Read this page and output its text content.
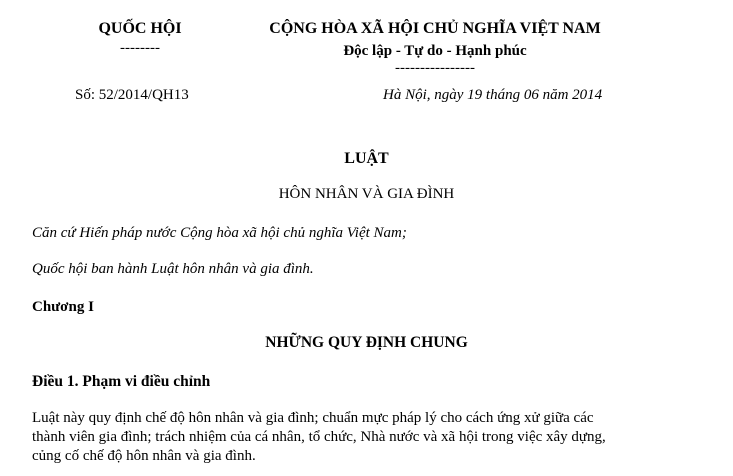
QUỐC HỘI
--------
CỘNG HÒA XÃ HỘI CHỦ NGHĨA VIỆT NAM
Độc lập - Tự do - Hạnh phúc
----------------
Số: 52/2014/QH13	Hà Nội, ngày 19 tháng 06 năm 2014
LUẬT
HÔN NHÂN VÀ GIA ĐÌNH
Căn cứ Hiến pháp nước Cộng hòa xã hội chủ nghĩa Việt Nam;
Quốc hội ban hành Luật hôn nhân và gia đình.
Chương I
NHỮNG QUY ĐỊNH CHUNG
Điều 1. Phạm vi điều chỉnh
Luật này quy định chế độ hôn nhân và gia đình; chuẩn mực pháp lý cho cách ứng xử giữa các
thành viên gia đình; trách nhiệm của cá nhân, tổ chức, Nhà nước và xã hội trong việc xây dựng,
củng cố chế độ hôn nhân và gia đình.
